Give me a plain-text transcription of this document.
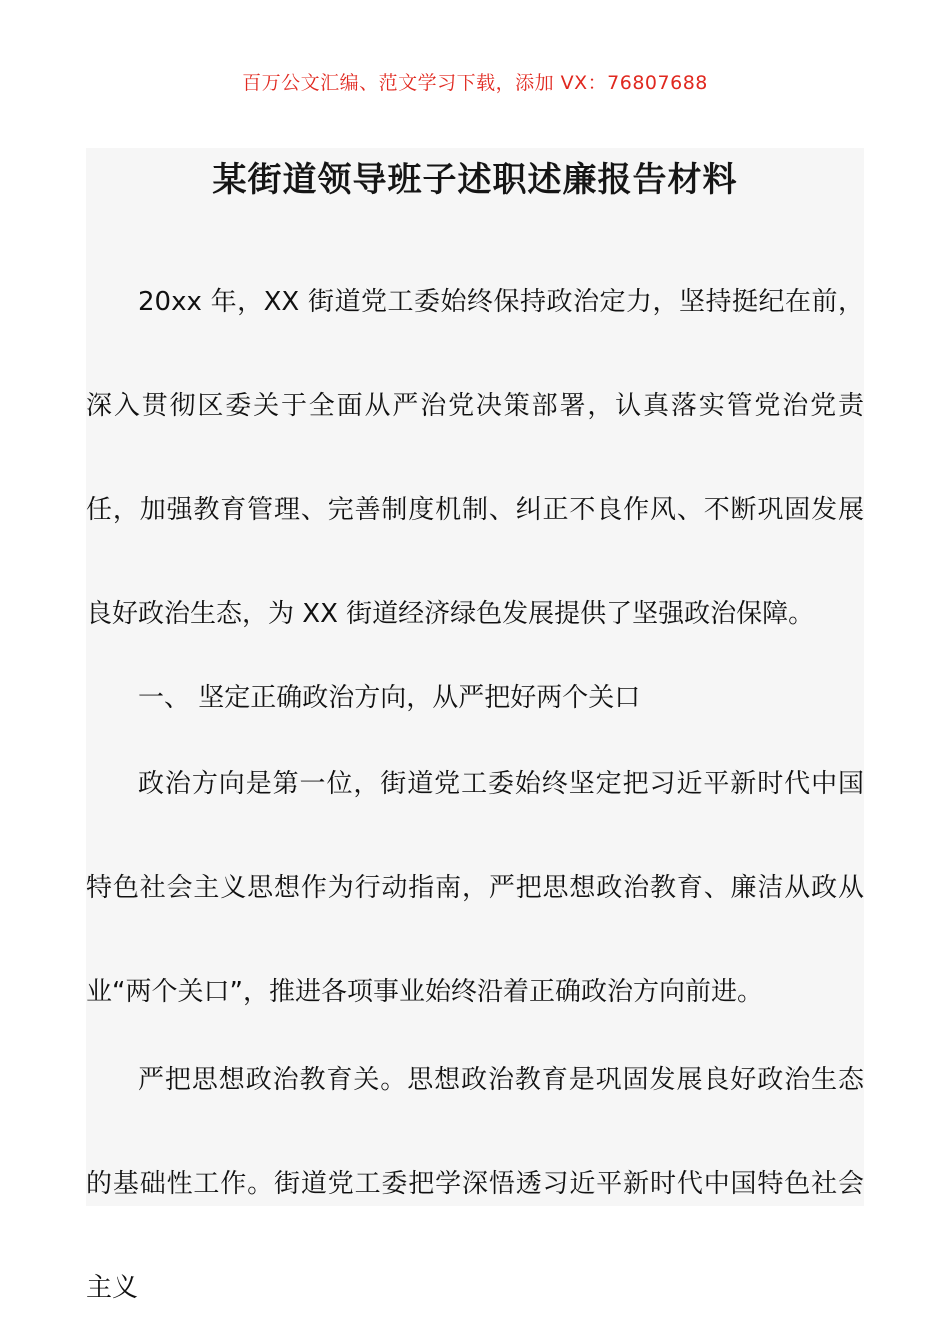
百万公文汇编、范文学习下载，添加 VX：76807688
某街道领导班子述职述廉报告材料

20xx 年，XX 街道党工委始终保持政治定力，坚持挺纪在前，深入贯彻区委关于全面从严治党决策部署，认真落实管党治党责任，加强教育管理、完善制度机制、纠正不良作风、不断巩固发展良好政治生态，为 XX 街道经济绿色发展提供了坚强政治保障。

一、 坚定正确政治方向，从严把好两个关口

政治方向是第一位，街道党工委始终坚定把习近平新时代中国特色社会主义思想作为行动指南，严把思想政治教育、廉洁从政从业“两个关口”，推进各项事业始终沿着正确政治方向前进。

严把思想政治教育关。思想政治教育是巩固发展良好政治生态的基础性工作。街道党工委把学深悟透习近平新时代中国特色社会主义
